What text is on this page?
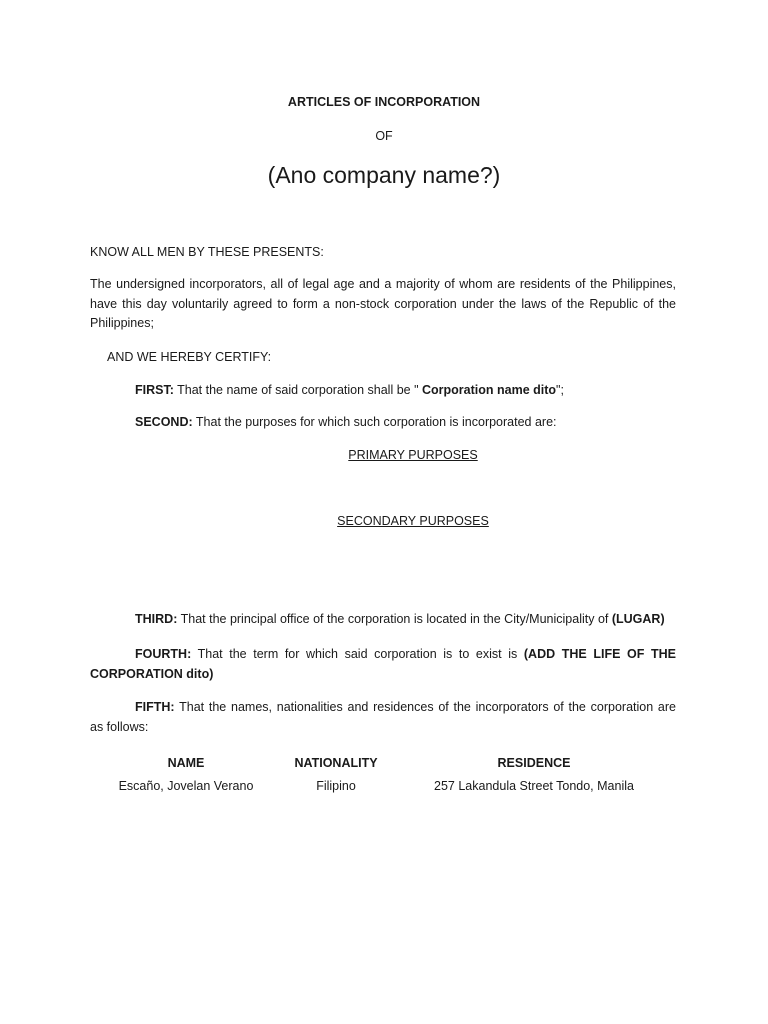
ARTICLES OF INCORPORATION
OF
(Ano company name?)
KNOW ALL MEN BY THESE PRESENTS:
The undersigned incorporators, all of legal age and a majority of whom are residents of the Philippines, have this day voluntarily agreed to form a non-stock corporation under the laws of the Republic of the Philippines;
AND WE HEREBY CERTIFY:
FIRST: That the name of said corporation shall be " Corporation name dito";
SECOND: That the purposes for which such corporation is incorporated are:
PRIMARY PURPOSES
SECONDARY PURPOSES
THIRD: That the principal office of the corporation is located in the City/Municipality of (LUGAR)
FOURTH: That the term for which said corporation is to exist is (ADD THE LIFE OF THE CORPORATION dito)
FIFTH: That the names, nationalities and residences of the incorporators of the corporation are as follows:
NAME	NATIONALITY	RESIDENCE
Escaño, Jovelan Verano	Filipino	257 Lakandula Street Tondo, Manila
